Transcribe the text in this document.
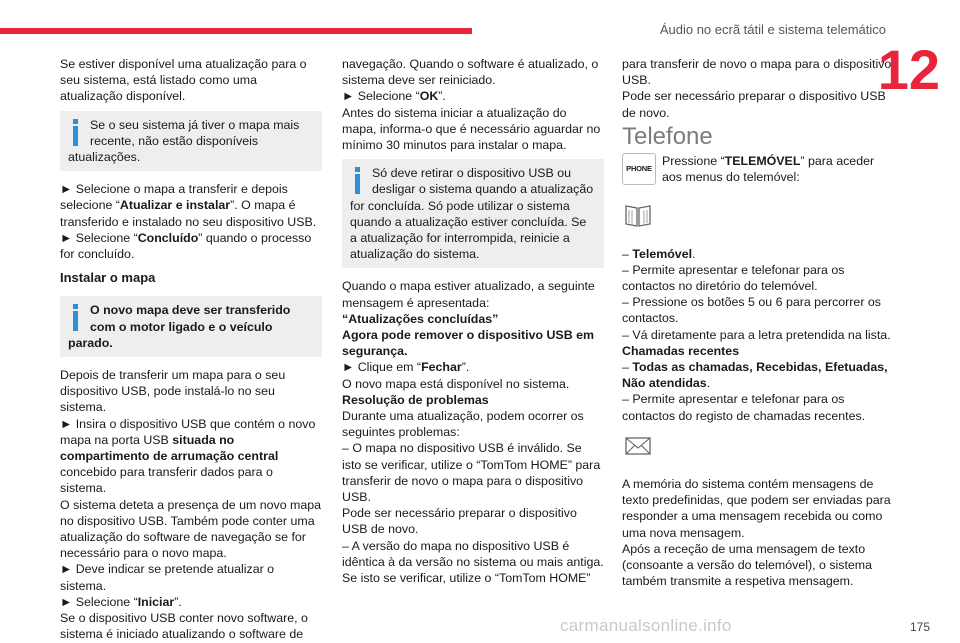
Áudio no ecrã tátil e sistema telemático
12

Se estiver disponível uma atualização para o seu sistema, está listado como uma atualização disponível.

Se o seu sistema já tiver o mapa mais recente, não estão disponíveis atualizações.

► Selecione o mapa a transferir e depois selecione “Atualizar e instalar”. O mapa é transferido e instalado no seu dispositivo USB.

► Selecione “Concluído” quando o processo for concluído.

Instalar o mapa

O novo mapa deve ser transferido com o motor ligado e o veículo parado.

Depois de transferir um mapa para o seu dispositivo USB, pode instalá-lo no seu sistema.

► Insira o dispositivo USB que contém o novo mapa na porta USB situada no compartimento de arrumação central concebido para transferir dados para o sistema.

O sistema deteta a presença de um novo mapa no dispositivo USB. Também pode conter uma atualização do software de navegação se for necessário para o novo mapa.

► Deve indicar se pretende atualizar o sistema.

► Selecione “Iniciar”.

Se o dispositivo USB conter novo software, o sistema é iniciado atualizando o software de

navegação. Quando o software é atualizado, o sistema deve ser reiniciado.

► Selecione “OK”.

Antes do sistema iniciar a atualização do mapa, informa-o que é necessário aguardar no mínimo 30 minutos para instalar o mapa.

Só deve retirar o dispositivo USB ou desligar o sistema quando a atualização for concluída. Só pode utilizar o sistema quando a atualização estiver concluída. Se a atualização for interrompida, reinicie a atualização do sistema.

Quando o mapa estiver atualizado, a seguinte mensagem é apresentada:

“Atualizações concluídas”

Agora pode remover o dispositivo USB em segurança.

► Clique em “Fechar”.

O novo mapa está disponível no sistema.

Resolução de problemas

Durante uma atualização, podem ocorrer os seguintes problemas:

– O mapa no dispositivo USB é inválido. Se isto se verificar, utilize o “TomTom HOME” para transferir de novo o mapa para o dispositivo USB.

Pode ser necessário preparar o dispositivo USB de novo.

– A versão do mapa no dispositivo USB é idêntica à da versão no sistema ou mais antiga. Se isto se verificar, utilize o “TomTom HOME”

para transferir de novo o mapa para o dispositivo USB.

Pode ser necessário preparar o dispositivo USB de novo.

Telefone
PHONE

Pressione “TELEMÓVEL” para aceder aos menus do telemóvel:

– Telemóvel.

– Permite apresentar e telefonar para os contactos no diretório do telemóvel.

– Pressione os botões 5 ou 6 para percorrer os contactos.

– Vá diretamente para a letra pretendida na lista.

Chamadas recentes

– Todas as chamadas, Recebidas, Efetuadas, Não atendidas.

– Permite apresentar e telefonar para os contactos do registo de chamadas recentes.

A memória do sistema contém mensagens de texto predefinidas, que podem ser enviadas para responder a uma mensagem recebida ou como uma nova mensagem.

Após a receção de uma mensagem de texto (consoante a versão do telemóvel), o sistema também transmite a respetiva mensagem.

carmanualsonline.info	175
